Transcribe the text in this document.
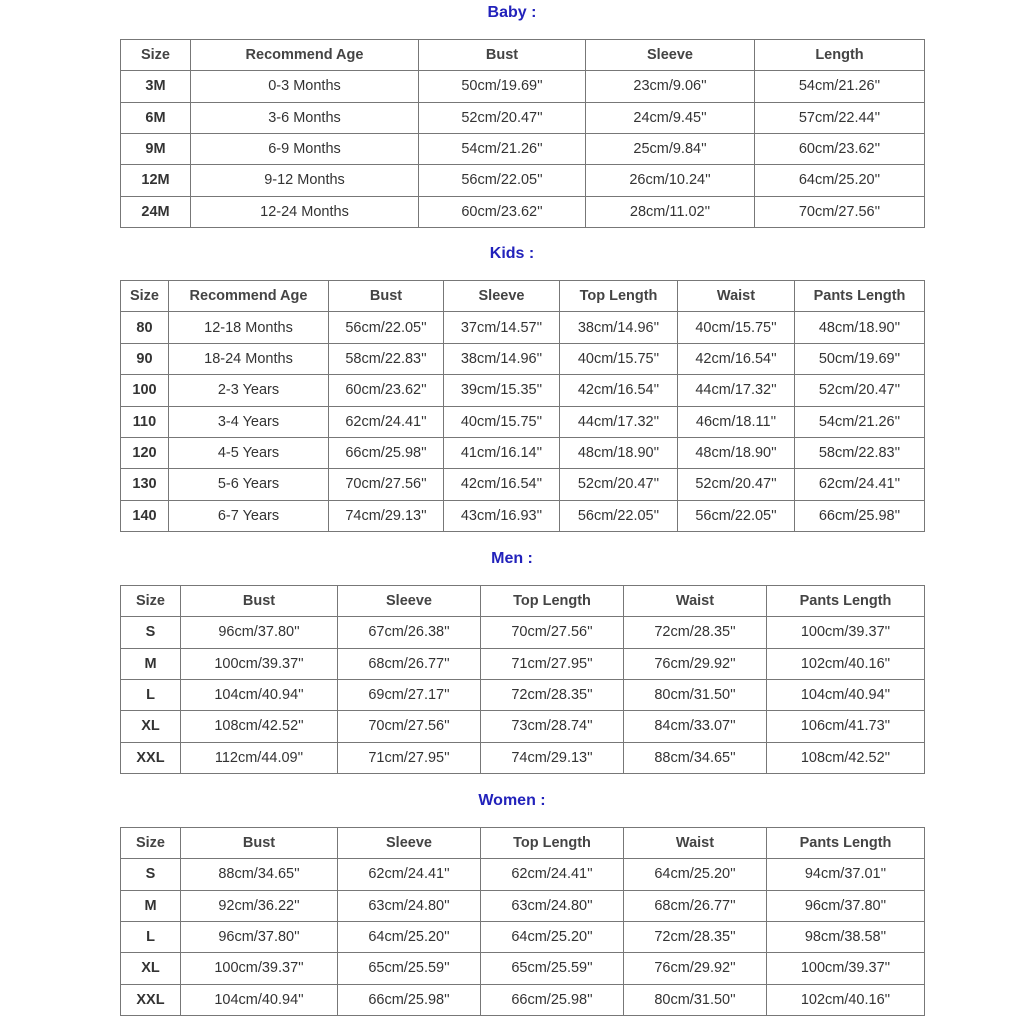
Baby :
Size	Recommend Age	Bust	Sleeve	Length
3M	0-3 Months	50cm/19.69''	23cm/9.06''	54cm/21.26''
6M	3-6 Months	52cm/20.47''	24cm/9.45''	57cm/22.44''
9M	6-9 Months	54cm/21.26''	25cm/9.84''	60cm/23.62''
12M	9-12 Months	56cm/22.05''	26cm/10.24''	64cm/25.20''
24M	12-24 Months	60cm/23.62''	28cm/11.02''	70cm/27.56''
Kids :
Size	Recommend Age	Bust	Sleeve	Top Length	Waist	Pants Length
80	12-18 Months	56cm/22.05''	37cm/14.57''	38cm/14.96''	40cm/15.75''	48cm/18.90''
90	18-24 Months	58cm/22.83''	38cm/14.96''	40cm/15.75''	42cm/16.54''	50cm/19.69''
100	2-3 Years	60cm/23.62''	39cm/15.35''	42cm/16.54''	44cm/17.32''	52cm/20.47''
110	3-4 Years	62cm/24.41''	40cm/15.75''	44cm/17.32''	46cm/18.11''	54cm/21.26''
120	4-5 Years	66cm/25.98''	41cm/16.14''	48cm/18.90''	48cm/18.90''	58cm/22.83''
130	5-6 Years	70cm/27.56''	42cm/16.54''	52cm/20.47''	52cm/20.47''	62cm/24.41''
140	6-7 Years	74cm/29.13''	43cm/16.93''	56cm/22.05''	56cm/22.05''	66cm/25.98''
Men :
Size	Bust	Sleeve	Top Length	Waist	Pants Length
S	96cm/37.80''	67cm/26.38''	70cm/27.56''	72cm/28.35''	100cm/39.37''
M	100cm/39.37''	68cm/26.77''	71cm/27.95''	76cm/29.92''	102cm/40.16''
L	104cm/40.94''	69cm/27.17''	72cm/28.35''	80cm/31.50''	104cm/40.94''
XL	108cm/42.52''	70cm/27.56''	73cm/28.74''	84cm/33.07''	106cm/41.73''
XXL	112cm/44.09''	71cm/27.95''	74cm/29.13''	88cm/34.65''	108cm/42.52''
Women :
Size	Bust	Sleeve	Top Length	Waist	Pants Length
S	88cm/34.65''	62cm/24.41''	62cm/24.41''	64cm/25.20''	94cm/37.01''
M	92cm/36.22''	63cm/24.80''	63cm/24.80''	68cm/26.77''	96cm/37.80''
L	96cm/37.80''	64cm/25.20''	64cm/25.20''	72cm/28.35''	98cm/38.58''
XL	100cm/39.37''	65cm/25.59''	65cm/25.59''	76cm/29.92''	100cm/39.37''
XXL	104cm/40.94''	66cm/25.98''	66cm/25.98''	80cm/31.50''	102cm/40.16''
